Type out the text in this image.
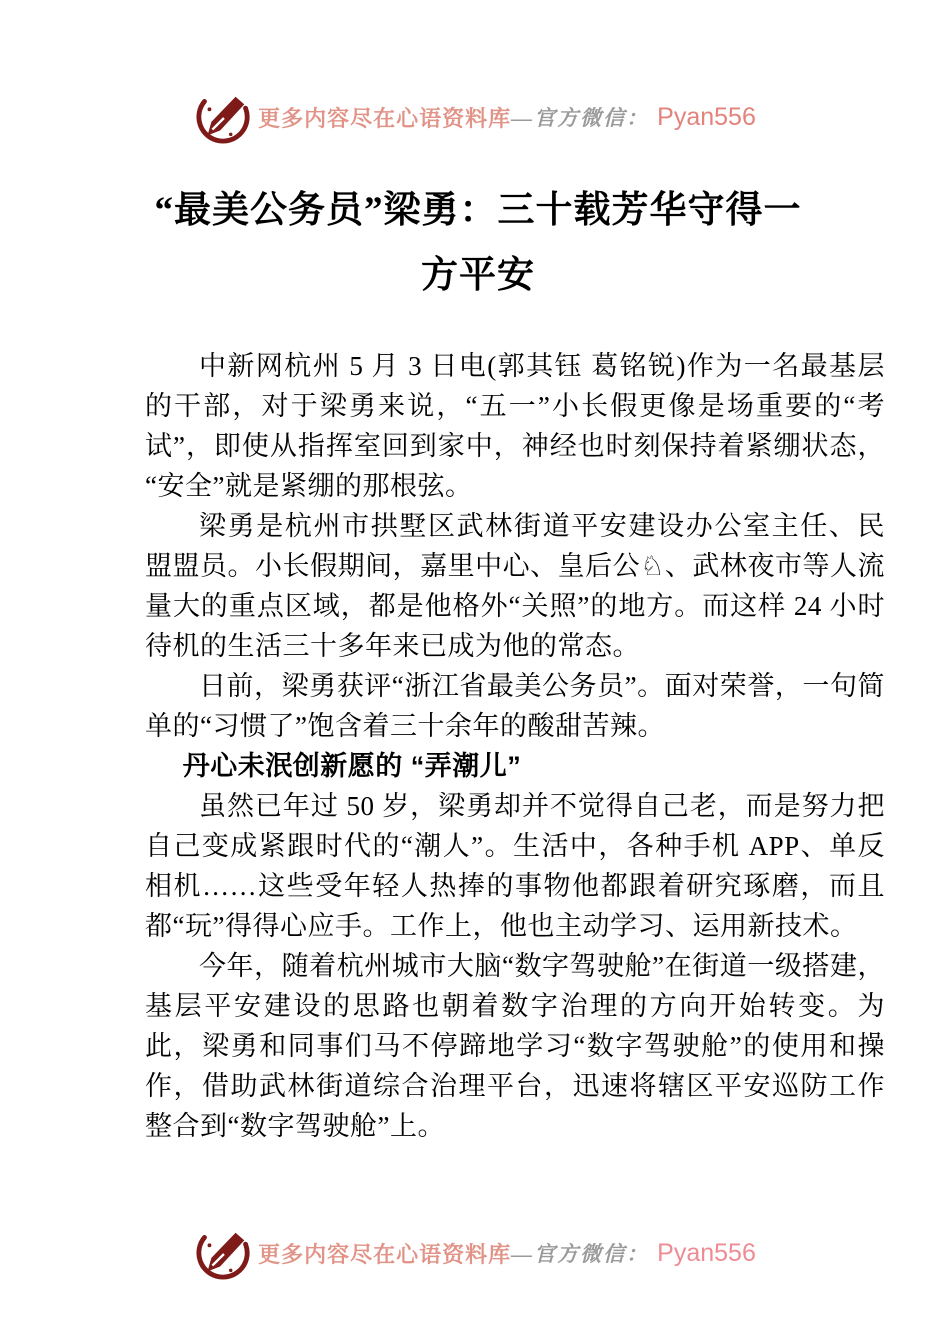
更多内容尽在心语资料库 —官方微信： Pyan556
“最美公务员”梁勇：三十载芳华守得一
方平安

中新网杭州 5 月 3 日电(郭其钰 葛铭锐)作为一名最基层的干部，对于梁勇来说，“五一”小长假更像是场重要的“考试”，即使从指挥室回到家中，神经也时刻保持着紧绷状态，“安全”就是紧绷的那根弦。

梁勇是杭州市拱墅区武林街道平安建设办公室主任、民盟盟员。小长假期间，嘉里中心、皇后公♘、武林夜市等人流量大的重点区域，都是他格外“关照”的地方。而这样 24 小时待机的生活三十多年来已成为他的常态。

日前，梁勇获评“浙江省最美公务员”。面对荣誉，一句简单的“习惯了”饱含着三十余年的酸甜苦辣。

丹心未泯创新愿的 “弄潮儿”

虽然已年过 50 岁，梁勇却并不觉得自己老，而是努力把自己变成紧跟时代的“潮人”。生活中，各种手机 APP、单反相机……这些受年轻人热捧的事物他都跟着研究琢磨，而且都“玩”得得心应手。工作上，他也主动学习、运用新技术。

今年，随着杭州城市大脑“数字驾驶舱”在街道一级搭建，基层平安建设的思路也朝着数字治理的方向开始转变。为此，梁勇和同事们马不停蹄地学习“数字驾驶舱”的使用和操作，借助武林街道综合治理平台，迅速将辖区平安巡防工作整合到“数字驾驶舱”上。

更多内容尽在心语资料库 —官方微信： Pyan556
